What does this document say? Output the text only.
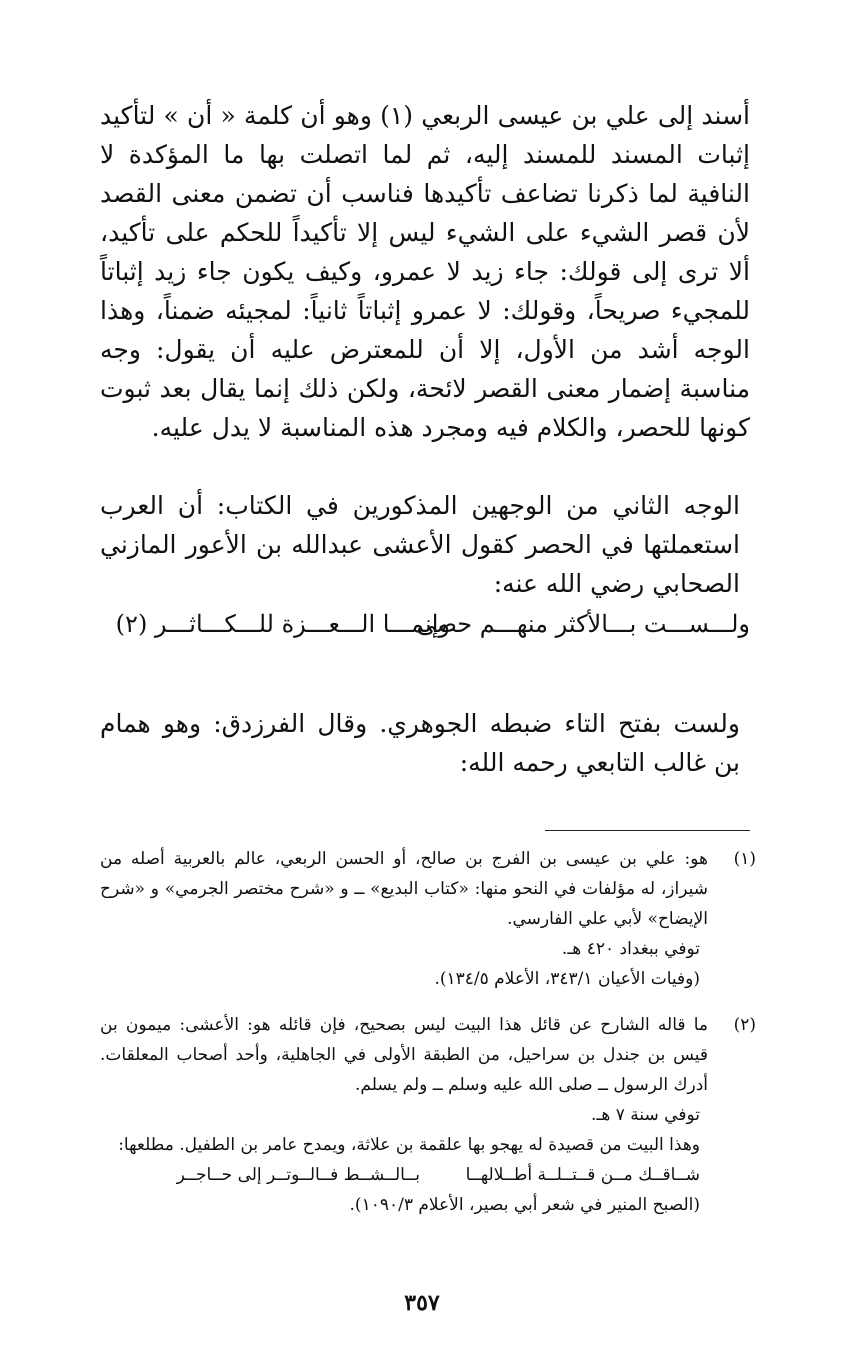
أسند إلى علي بن عيسى الربعي (١) وهو أن كلمة « أن » لتأكيد إثبات المسند للمسند إليه، ثم لما اتصلت بها ما المؤكدة لا النافية لما ذكرنا تضاعف تأكيدها فناسب أن تضمن معنى القصد لأن قصر الشيء على الشيء ليس إلا تأكيداً للحكم على تأكيد، ألا ترى إلى قولك: جاء زيد لا عمرو، وكيف يكون جاء زيد إثباتاً للمجيء صريحاً، وقولك: لا عمرو إثباتاً ثانياً: لمجيئه ضمناً، وهذا الوجه أشد من الأول، إلا أن للمعترض عليه أن يقول: وجه مناسبة إضمار معنى القصر لائحة، ولكن ذلك إنما يقال بعد ثبوت كونها للحصر، والكلام فيه ومجرد هذه المناسبة لا يدل عليه.

الوجه الثاني من الوجهين المذكورين في الكتاب: أن العرب استعملتها في الحصر كقول الأعشى عبدالله بن الأعور المازني الصحابي رضي الله عنه:

ولـــســـت بـــالأكثر منهـــم حصى
وإنمـــا الـــعـــزة للـــكـــاثـــر (٢)

ولست بفتح التاء ضبطه الجوهري. وقال الفرزدق: وهو همام بن غالب التابعي رحمه الله:

(١)
هو: علي بن عيسى بن الفرج بن صالح، أو الحسن الربعي، عالم بالعربية أصله من شيراز، له مؤلفات في النحو منها: «كتاب البديع» ــ و «شرح مختصر الجرمي» و «شرح الإيضاح» لأبي علي الفارسي.
توفي ببغداد ٤٢٠ هـ.
(وفيات الأعيان ٣٤٣/١، الأعلام ١٣٤/٥).
(٢)
ما قاله الشارح عن قائل هذا البيت ليس بصحيح، فإن قائله هو: الأعشى: ميمون بن قيس بن جندل بن سراحيل، من الطبقة الأولى في الجاهلية، وأحد أصحاب المعلقات. أدرك الرسول ــ صلى الله عليه وسلم ــ ولم يسلم.
توفي سنة ٧ هـ.
وهذا البيت من قصيدة له يهجو بها علقمة بن علاثة، ويمدح عامر بن الطفيل. مطلعها:
شــاقــك مــن قــتــلــة أطــلالهــا
بــالــشــط فــالــوتــر إلى حــاجــر
(الصبح المنير في شعر أبي بصير، الأعلام ١٠٩٠/٣).
٣٥٧
